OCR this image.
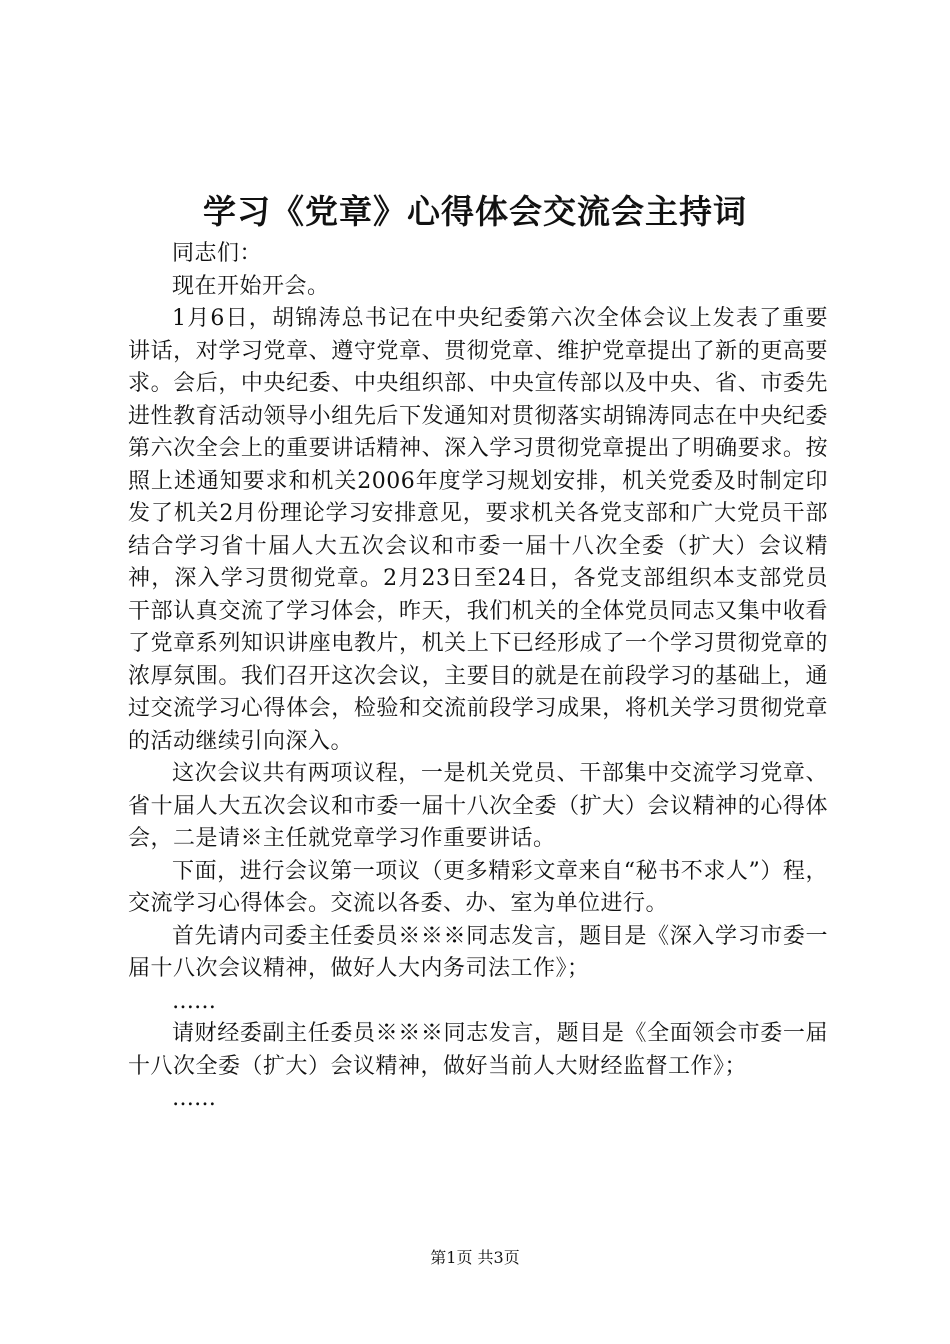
学习《党章》心得体会交流会主持词

同志们：

现在开始开会。

1月6日，胡锦涛总书记在中央纪委第六次全体会议上发表了重要讲话，对学习党章、遵守党章、贯彻党章、维护党章提出了新的更高要求。会后，中央纪委、中央组织部、中央宣传部以及中央、省、市委先进性教育活动领导小组先后下发通知对贯彻落实胡锦涛同志在中央纪委第六次全会上的重要讲话精神、深入学习贯彻党章提出了明确要求。按照上述通知要求和机关2006年度学习规划安排，机关党委及时制定印发了机关2月份理论学习安排意见，要求机关各党支部和广大党员干部结合学习省十届人大五次会议和市委一届十八次全委（扩大）会议精神，深入学习贯彻党章。2月23日至24日，各党支部组织本支部党员干部认真交流了学习体会，昨天，我们机关的全体党员同志又集中收看了党章系列知识讲座电教片，机关上下已经形成了一个学习贯彻党章的浓厚氛围。我们召开这次会议，主要目的就是在前段学习的基础上，通过交流学习心得体会，检验和交流前段学习成果，将机关学习贯彻党章的活动继续引向深入。

这次会议共有两项议程，一是机关党员、干部集中交流学习党章、省十届人大五次会议和市委一届十八次全委（扩大）会议精神的心得体会，二是请※主任就党章学习作重要讲话。

下面，进行会议第一项议（更多精彩文章来自“秘书不求人”）程，交流学习心得体会。交流以各委、办、室为单位进行。

首先请内司委主任委员※※※同志发言，题目是《深入学习市委一届十八次会议精神，做好人大内务司法工作》；

……

请财经委副主任委员※※※同志发言，题目是《全面领会市委一届十八次全委（扩大）会议精神，做好当前人大财经监督工作》；

……

第1页 共3页
